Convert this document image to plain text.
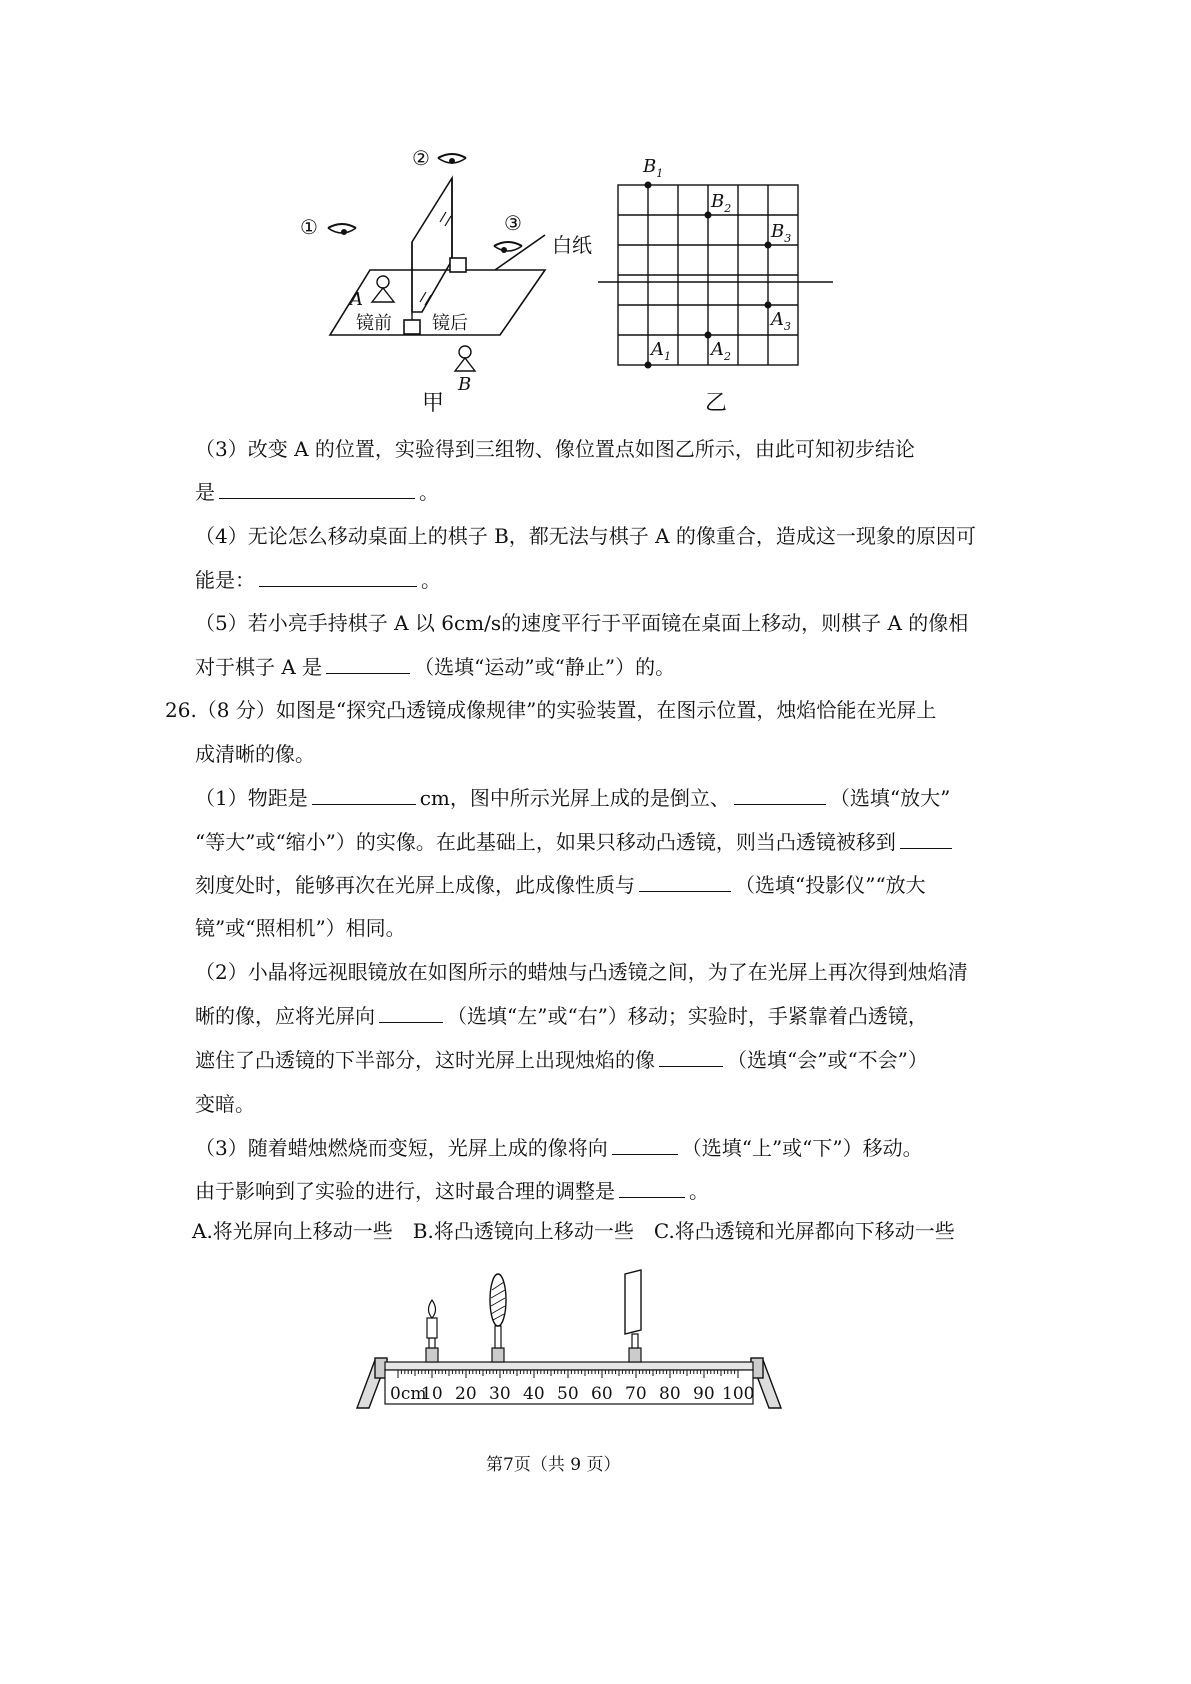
A
B
镜前 镜后
②
①	③
白纸
甲
$B_1$
$B_2$
$B_3$
$A_1$ $A_2$
$A_3$
乙
（3）改变 A 的位置，实验得到三组物、像位置点如图乙所示，由此可知初步结论
是	。
（4）无论怎么移动桌面上的棋子 B，都无法与棋子 A 的像重合，造成这一现象的原因可
能是：	。
（5）若小亮手持棋子 A 以 6cm/s的速度平行于平面镜在桌面上移动，则棋子 A 的像相
对于棋子 A 是	（选填“运动”或“静止”）的。
26.（8 分）如图是“探究凸透镜成像规律”的实验装置，在图示位置，烛焰恰能在光屏上
成清晰的像。
（1）物距是	cm，图中所示光屏上成的是倒立、	（选填“放大”
“等大”或“缩小”）的实像。在此基础上，如果只移动凸透镜，则当凸透镜被移到
刻度处时，能够再次在光屏上成像，此成像性质与	（选填“投影仪”“放大
镜”或“照相机”）相同。
（2）小晶将远视眼镜放在如图所示的蜡烛与凸透镜之间，为了在光屏上再次得到烛焰清
晰的像，应将光屏向	（选填“左”或“右”）移动；实验时，手紧靠着凸透镜，
遮住了凸透镜的下半部分，这时光屏上出现烛焰的像	（选填“会”或“不会”）
变暗。
（3）随着蜡烛燃烧而变短，光屏上成的像将向	（选填“上”或“下”）移动。
由于影响到了实验的进行，这时最合理的调整是	。
A.将光屏向上移动一些　B.将凸透镜向上移动一些　C.将凸透镜和光屏都向下移动一些
0cm
10 20 30 40 50 60 70 80 90 100
第7页（共 9 页）
